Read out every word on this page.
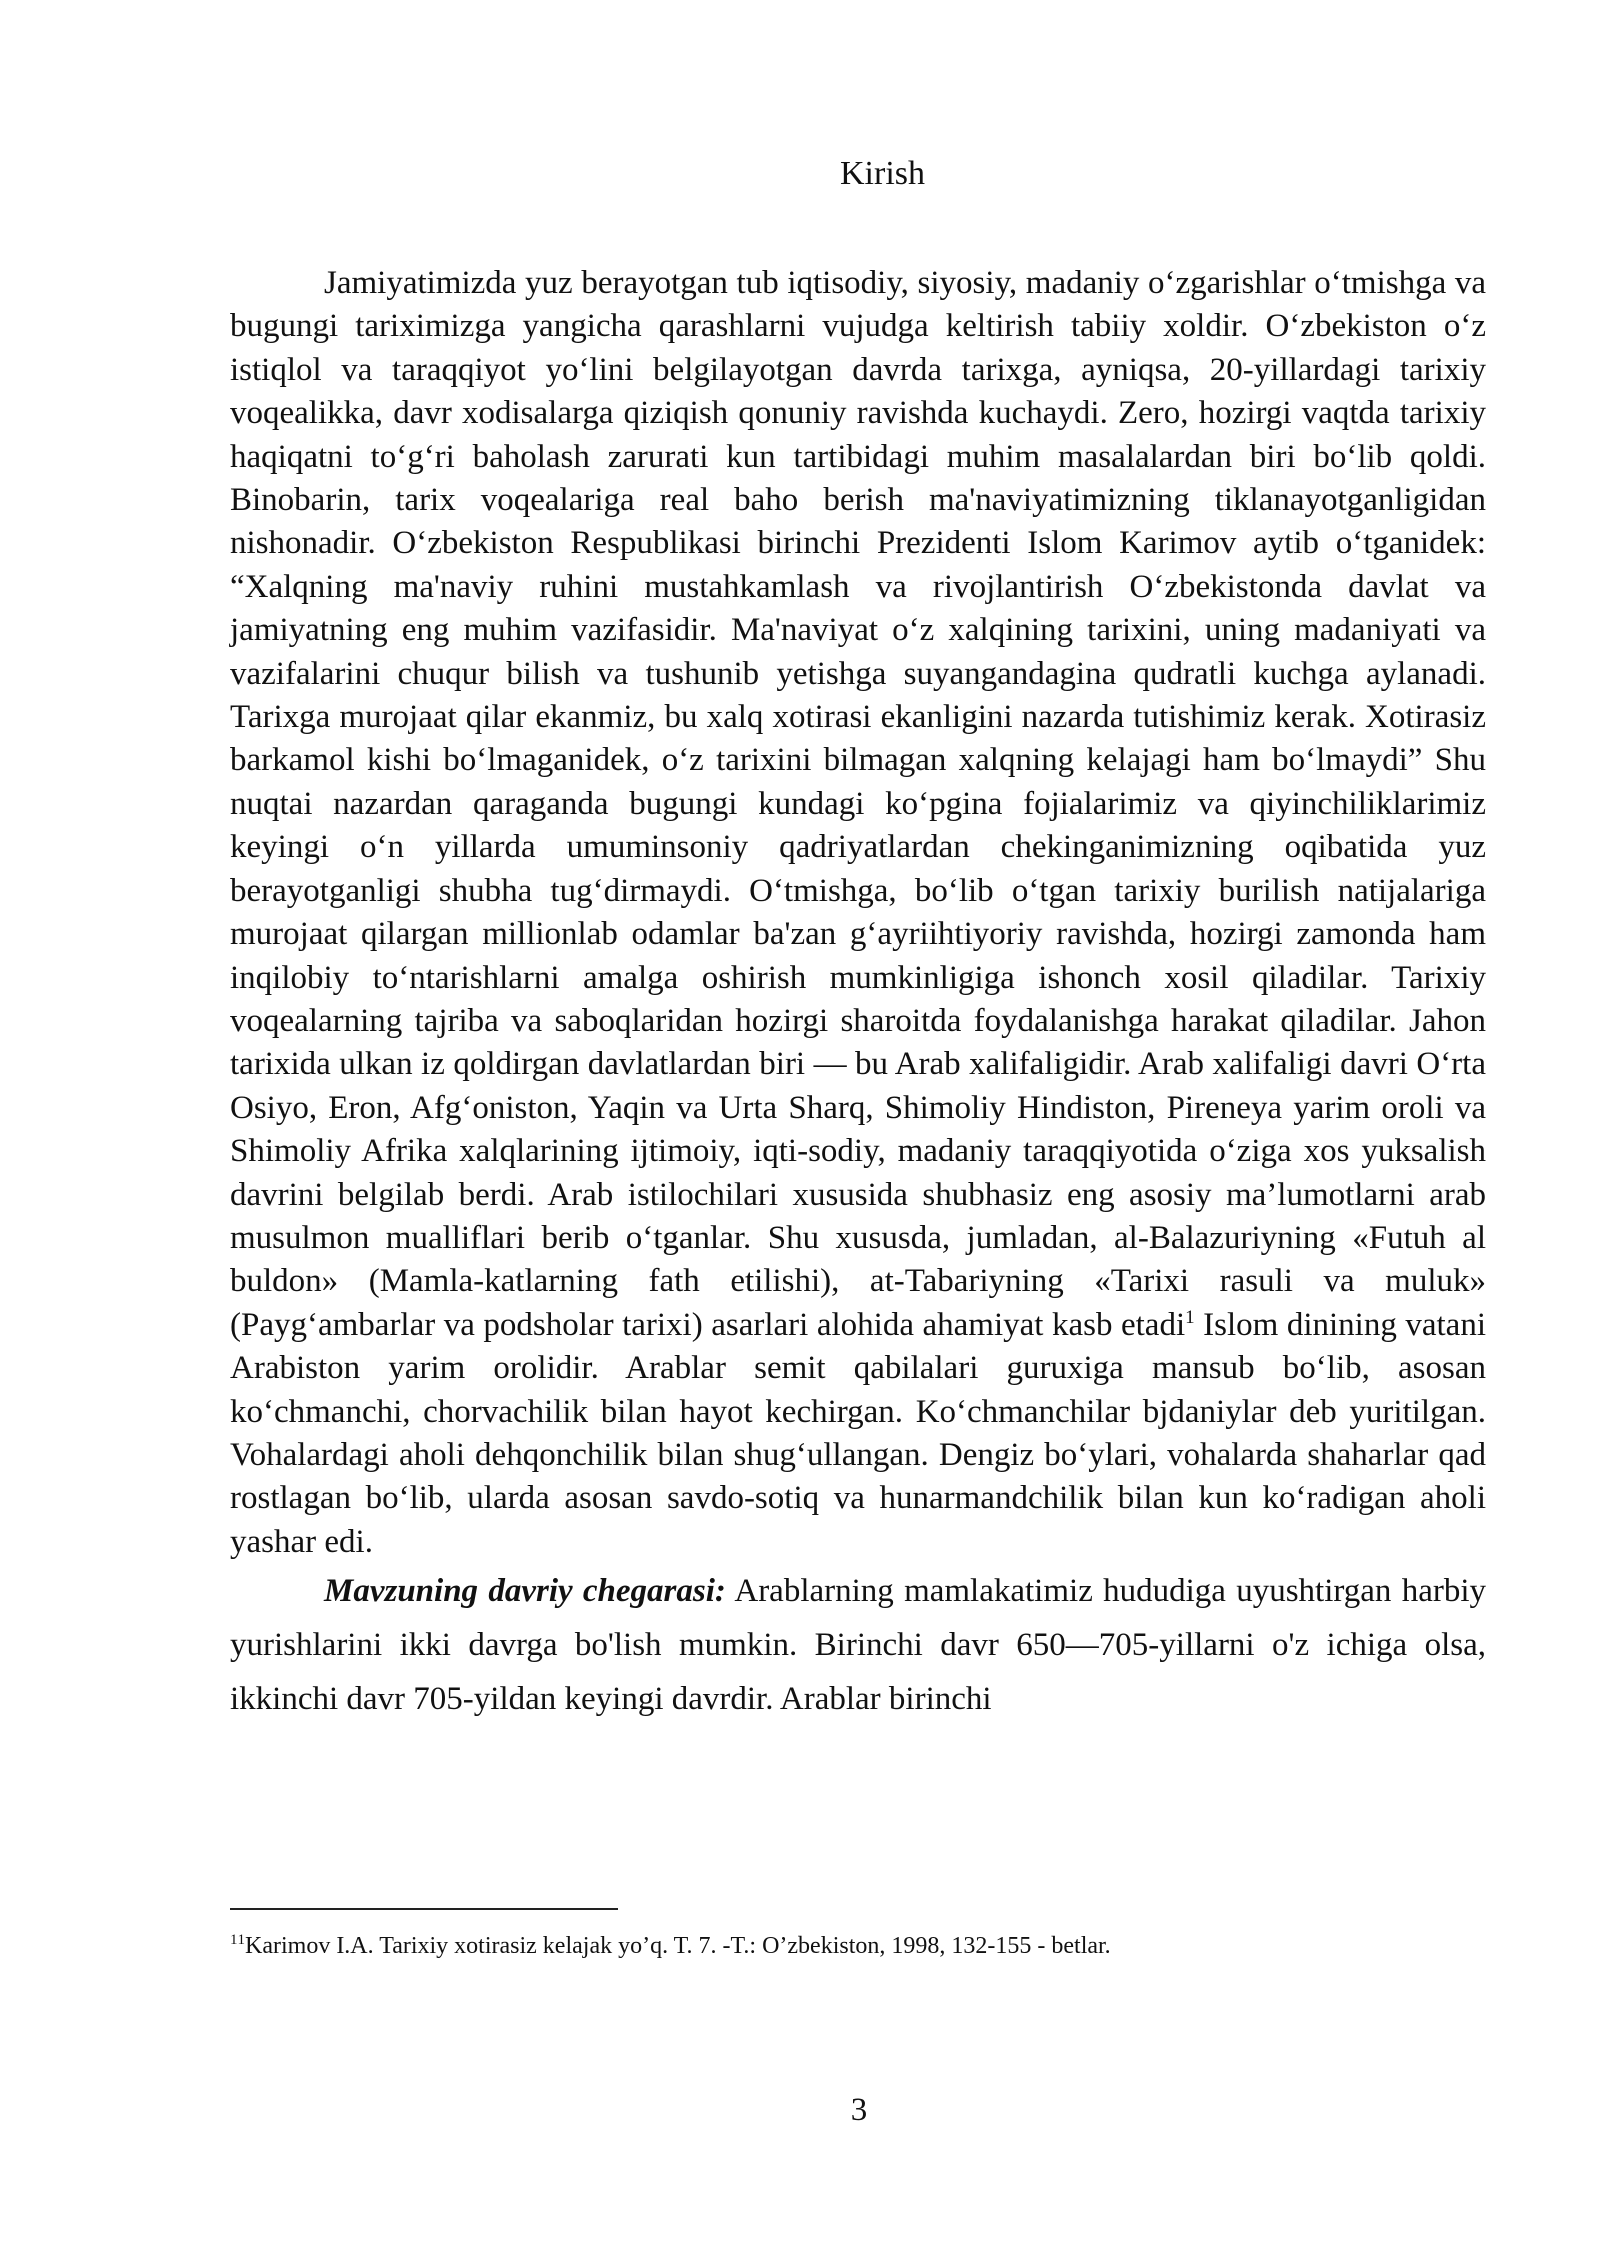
Kirish

Jamiyatimizda yuz berayotgan tub iqtisodiy, siyosiy, madaniy o‘zgarishlar o‘tmishga va bugungi tariximizga yangicha qarashlarni vujudga keltirish tabiiy xoldir. O‘zbekiston o‘z istiqlol va taraqqiyot yo‘lini belgilayotgan davrda tarixga, ayniqsa, 20-yillardagi tarixiy voqealikka, davr xodisalarga qiziqish qonuniy ravishda kuchaydi. Zero, hozirgi vaqtda tarixiy haqiqatni to‘g‘ri baholash zarurati kun tartibidagi muhim masalalardan biri bo‘lib qoldi. Binobarin, tarix voqealariga real baho berish ma'naviyatimizning tiklanayotganligidan nishonadir. O‘zbekiston Respublikasi birinchi Prezidenti Islom Karimov aytib o‘tganidek: “Xalqning ma'naviy ruhini mustahkamlash va rivojlantirish O‘zbekistonda davlat va jamiyatning eng muhim vazifasidir. Ma'naviyat o‘z xalqining tarixini, uning madaniyati va vazifalarini chuqur bilish va tushunib yetishga suyangandagina qudratli kuchga aylanadi. Tarixga murojaat qilar ekanmiz, bu xalq xotirasi ekanligini nazarda tutishimiz kerak. Xotirasiz barkamol kishi bo‘lmaganidek, o‘z tarixini bilmagan xalqning kelajagi ham bo‘lmaydi” Shu nuqtai nazardan qaraganda bugungi kundagi ko‘pgina fojialarimiz va qiyinchiliklarimiz keyingi o‘n yillarda umuminsoniy qadriyatlardan chekinganimizning oqibatida yuz berayotganligi shubha tug‘dirmaydi. O‘tmishga, bo‘lib o‘tgan tarixiy burilish natijalariga murojaat qilargan millionlab odamlar ba'zan g‘ayriihtiyoriy ravishda, hozirgi zamonda ham inqilobiy to‘ntarishlarni amalga oshirish mumkinligiga ishonch xosil qiladilar. Tarixiy voqealarning tajriba va saboqlaridan hozirgi sharoitda foydalanishga harakat qiladilar. Jahon tarixida ulkan iz qoldirgan davlatlardan biri — bu Arab xalifaligidir. Arab xalifaligi davri O‘rta Osiyo, Eron, Afg‘oniston, Yaqin va Urta Sharq, Shimoliy Hindiston, Pireneya yarim oroli va Shimoliy Afrika xalqlarining ijtimoiy, iqti-sodiy, madaniy taraqqiyotida o‘ziga xos yuksalish davrini belgilab berdi. Arab istilochilari xususida shubhasiz eng asosiy ma’lumotlarni arab musulmon mualliflari berib o‘tganlar. Shu xususda, jumladan, al-Balazuriyning «Futuh al buldon» (Mamla-katlarning fath etilishi), at-Tabariyning «Tarixi rasuli va muluk» (Payg‘ambarlar va podsholar tarixi) asarlari alohida ahamiyat kasb etadi$^1$ Islom dinining vatani Arabiston yarim orolidir. Arablar semit qabilalari guruxiga mansub bo‘lib, asosan ko‘chmanchi, chorvachilik bilan hayot kechirgan. Ko‘chmanchilar bjdaniylar deb yuritilgan. Vohalardagi aholi dehqonchilik bilan shug‘ullangan. Dengiz bo‘ylari, vohalarda shaharlar qad rostlagan bo‘lib, ularda asosan savdo-sotiq va hunarmandchilik bilan kun ko‘radigan aholi yashar edi.

Mavzuning davriy chegarasi: Arablarning mamlakatimiz hududiga uyushtirgan harbiy yurishlarini ikki davrga bo'lish mumkin. Birinchi davr 650—705-yillarni o'z ichiga olsa, ikkinchi davr 705-yildan keyingi davrdir. Arablar birinchi

$^{11}$Karimov I.A. Tarixiy xotirasiz kelajak yo’q. T. 7. -T.: O’zbekiston, 1998, 132-155 - betlar.

3
